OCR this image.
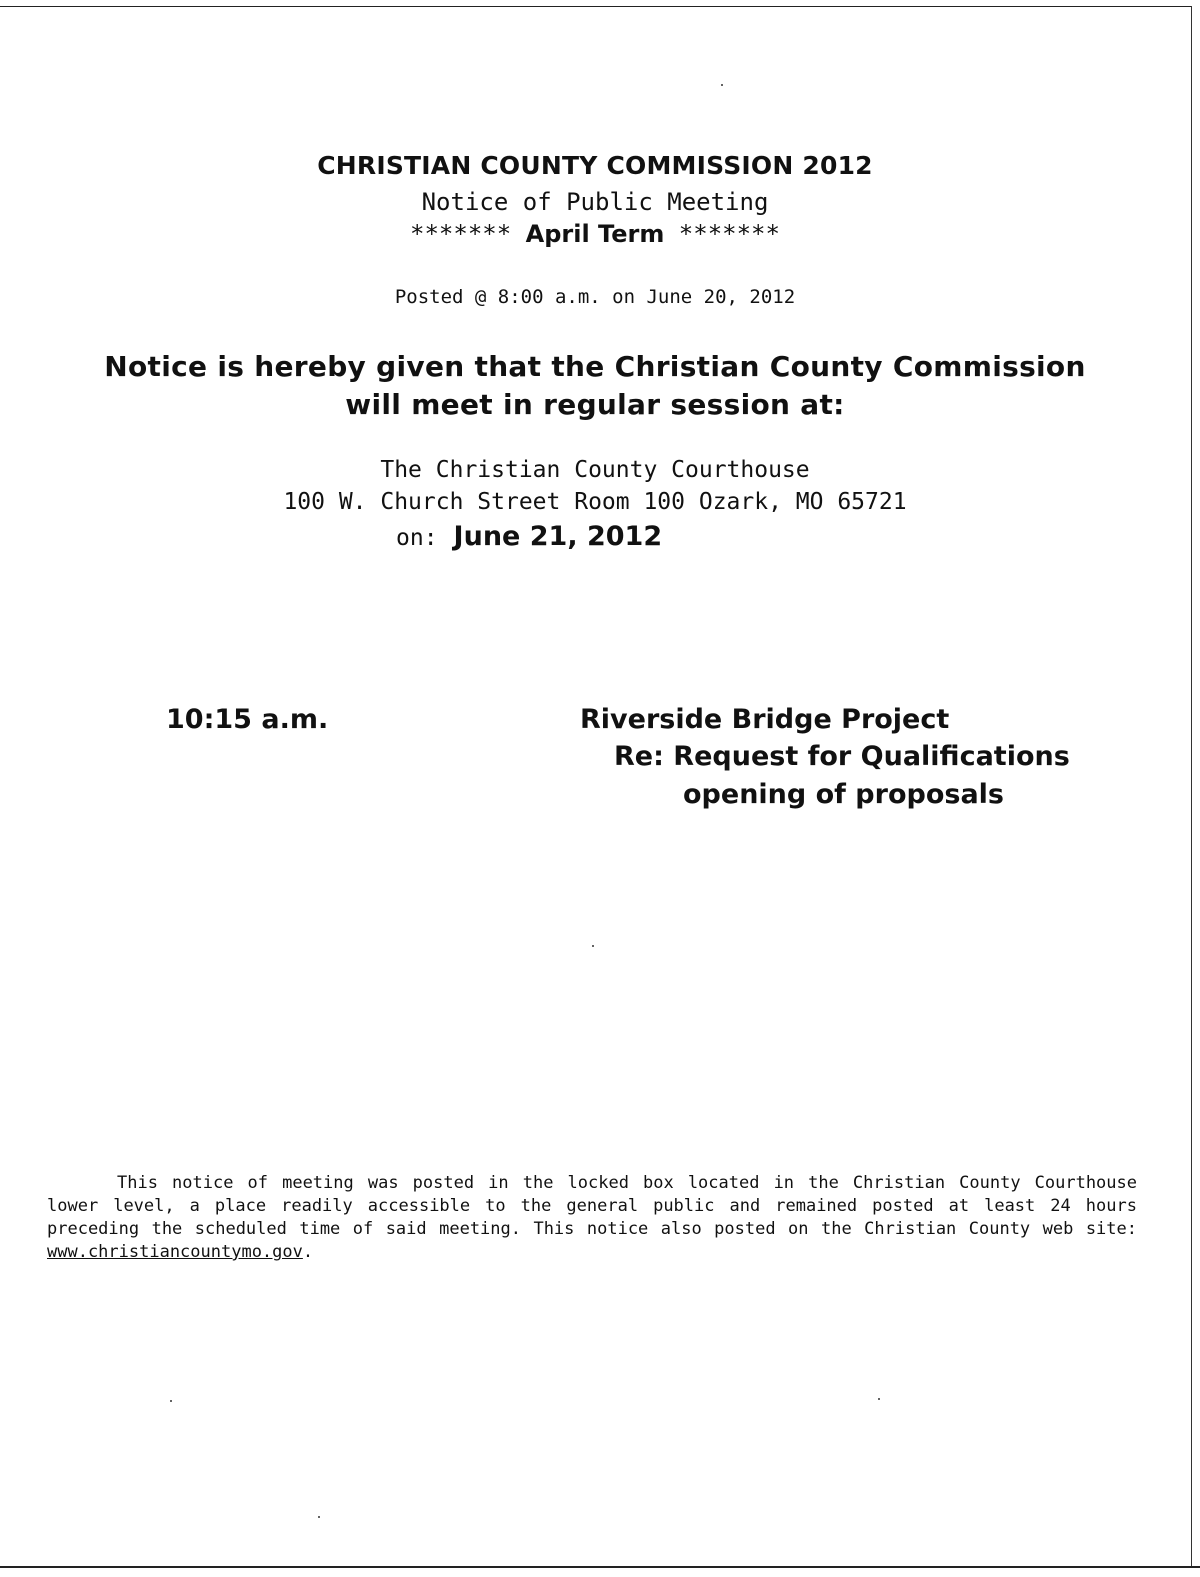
CHRISTIAN COUNTY COMMISSION 2012
Notice of Public Meeting
******* April Term *******
Posted @ 8:00 a.m. on June 20, 2012
Notice is hereby given that the Christian County Commission
will meet in regular session at:
The Christian County Courthouse
100 W. Church Street Room 100 Ozark, MO 65721
on: June 21, 2012
10:15 a.m.	Riverside Bridge Project
Re: Request for Qualifications
opening of proposals
This notice of meeting was posted in the locked box located in the Christian County Courthouse lower level, a place readily accessible to the general public and remained posted at least 24 hours preceding the scheduled time of said meeting. This notice also posted on the Christian County web site: www.christiancountymo.gov.
